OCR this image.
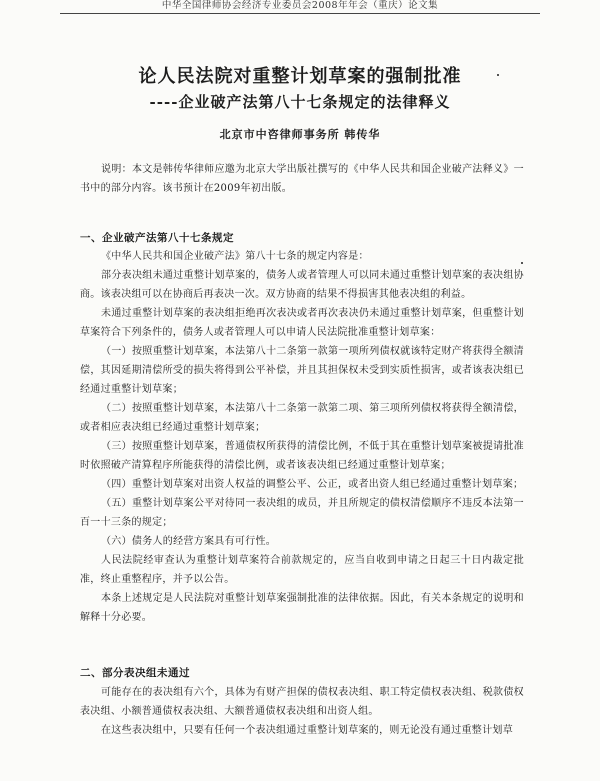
中华全国律师协会经济专业委员会2008年年会（重庆）论文集
论人民法院对重整计划草案的强制批准
----企业破产法第八十七条规定的法律释义
北京市中咨律师事务所 韩传华
说明：本文是韩传华律师应邀为北京大学出版社撰写的《中华人民共和国企业破产法释义》一书中的部分内容。该书预计在2009年初出版。
一、企业破产法第八十七条规定

《中华人民共和国企业破产法》第八十七条的规定内容是：

部分表决组未通过重整计划草案的，债务人或者管理人可以同未通过重整计划草案的表决组协商。该表决组可以在协商后再表决一次。双方协商的结果不得损害其他表决组的利益。

未通过重整计划草案的表决组拒绝再次表决或者再次表决仍未通过重整计划草案，但重整计划草案符合下列条件的，债务人或者管理人可以申请人民法院批准重整计划草案：

（一）按照重整计划草案，本法第八十二条第一款第一项所列债权就该特定财产将获得全额清偿，其因延期清偿所受的损失将得到公平补偿，并且其担保权未受到实质性损害，或者该表决组已经通过重整计划草案；

（二）按照重整计划草案，本法第八十二条第一款第二项、第三项所列债权将获得全额清偿，或者相应表决组已经通过重整计划草案；

（三）按照重整计划草案，普通债权所获得的清偿比例，不低于其在重整计划草案被提请批准时依照破产清算程序所能获得的清偿比例，或者该表决组已经通过重整计划草案；

（四）重整计划草案对出资人权益的调整公平、公正，或者出资人组已经通过重整计划草案；

（五）重整计划草案公平对待同一表决组的成员，并且所规定的债权清偿顺序不违反本法第一百一十三条的规定；

（六）债务人的经营方案具有可行性。

人民法院经审查认为重整计划草案符合前款规定的，应当自收到申请之日起三十日内裁定批准，终止重整程序，并予以公告。

本条上述规定是人民法院对重整计划草案强制批准的法律依据。因此，有关本条规定的说明和解释十分必要。

二、部分表决组未通过

可能存在的表决组有六个，具体为有财产担保的债权表决组、职工特定债权表决组、税款债权表决组、小额普通债权表决组、大额普通债权表决组和出资人组。

在这些表决组中，只要有任何一个表决组通过重整计划草案的，则无论没有通过重整计划草
